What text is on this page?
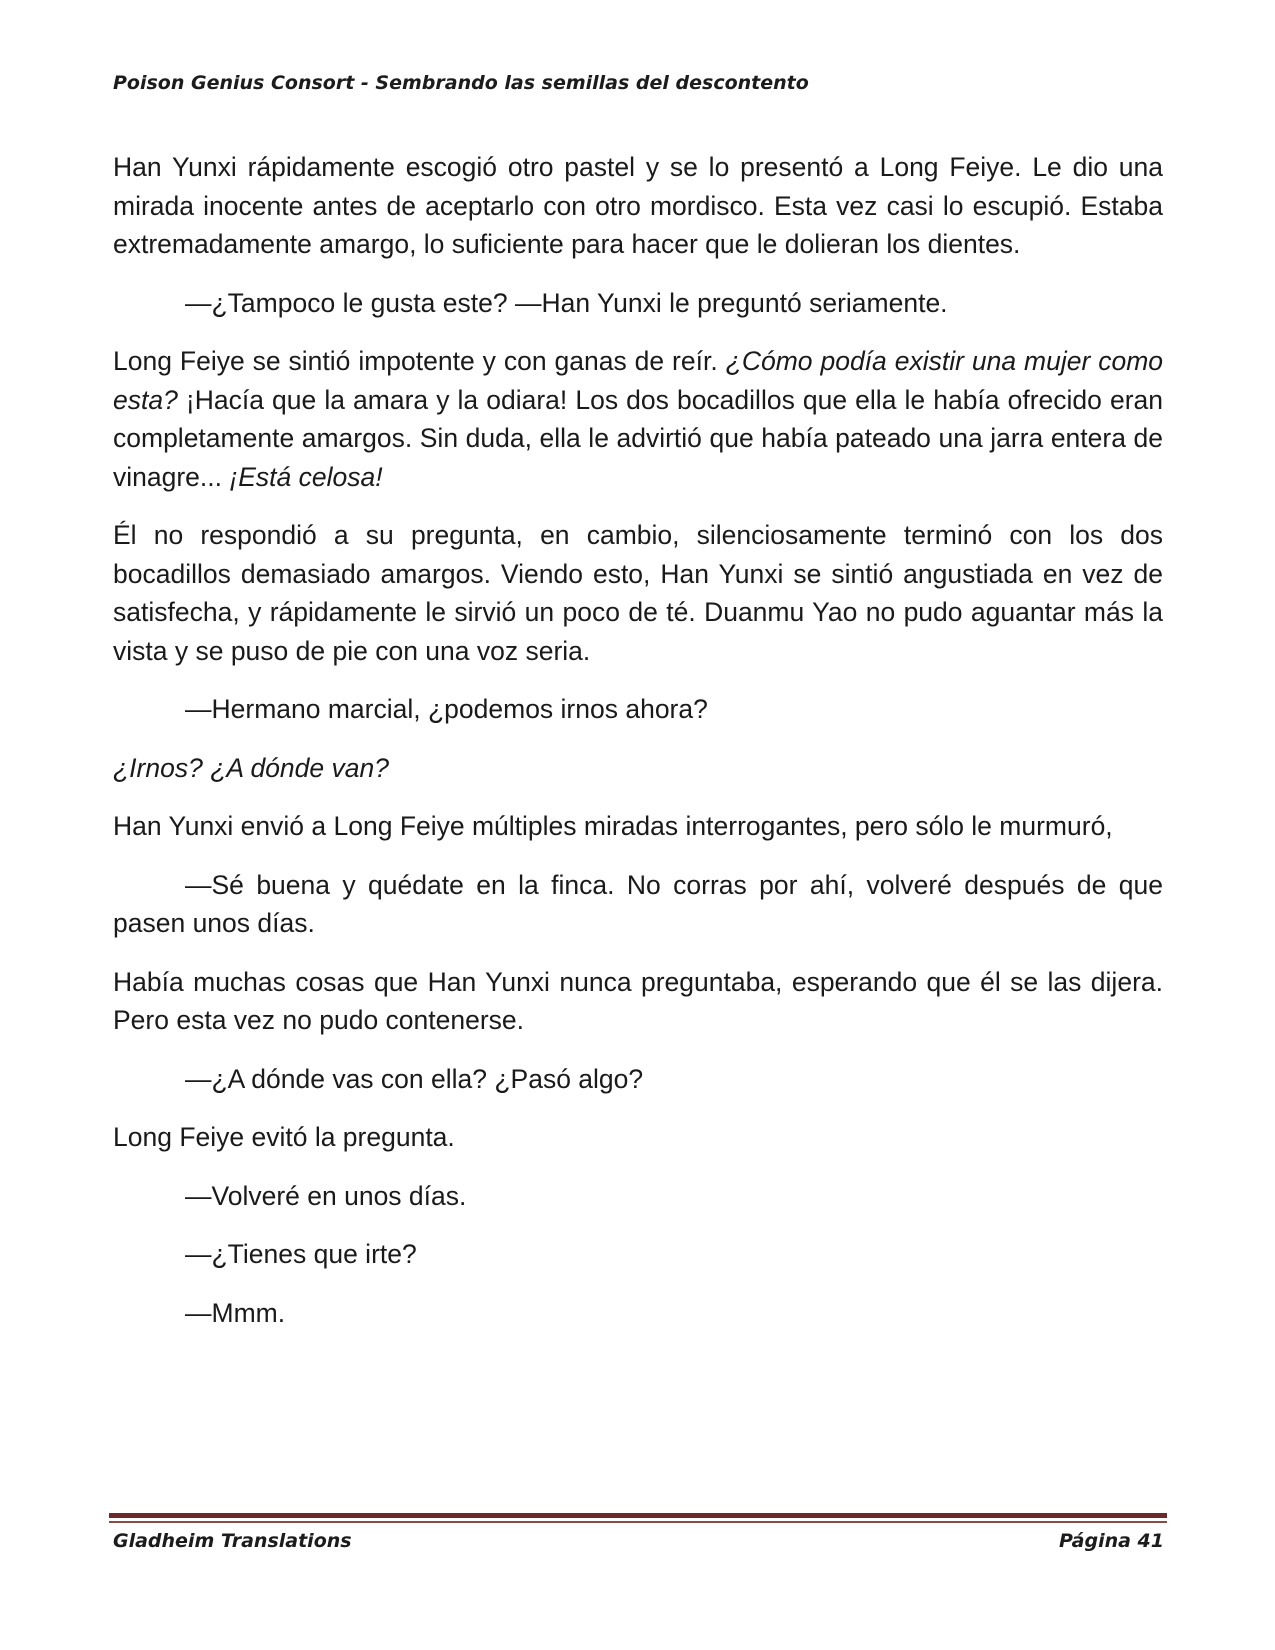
Poison Genius Consort - Sembrando las semillas del descontento

Han Yunxi rápidamente escogió otro pastel y se lo presentó a Long Feiye. Le dio una mirada inocente antes de aceptarlo con otro mordisco. Esta vez casi lo escupió. Estaba extremadamente amargo, lo suficiente para hacer que le dolieran los dientes.

—¿Tampoco le gusta este? —Han Yunxi le preguntó seriamente.

Long Feiye se sintió impotente y con ganas de reír. ¿Cómo podía existir una mujer como esta? ¡Hacía que la amara y la odiara! Los dos bocadillos que ella le había ofrecido eran completamente amargos. Sin duda, ella le advirtió que había pateado una jarra entera de vinagre... ¡Está celosa!

Él no respondió a su pregunta, en cambio, silenciosamente terminó con los dos bocadillos demasiado amargos. Viendo esto, Han Yunxi se sintió angustiada en vez de satisfecha, y rápidamente le sirvió un poco de té. Duanmu Yao no pudo aguantar más la vista y se puso de pie con una voz seria.

—Hermano marcial, ¿podemos irnos ahora?

¿Irnos? ¿A dónde van?

Han Yunxi envió a Long Feiye múltiples miradas interrogantes, pero sólo le murmuró,

—Sé buena y quédate en la finca. No corras por ahí, volveré después de que pasen unos días.

Había muchas cosas que Han Yunxi nunca preguntaba, esperando que él se las dijera. Pero esta vez no pudo contenerse.

—¿A dónde vas con ella? ¿Pasó algo?

Long Feiye evitó la pregunta.

—Volveré en unos días.

—¿Tienes que irte?

—Mmm.

Gladheim Translations	Página 41
